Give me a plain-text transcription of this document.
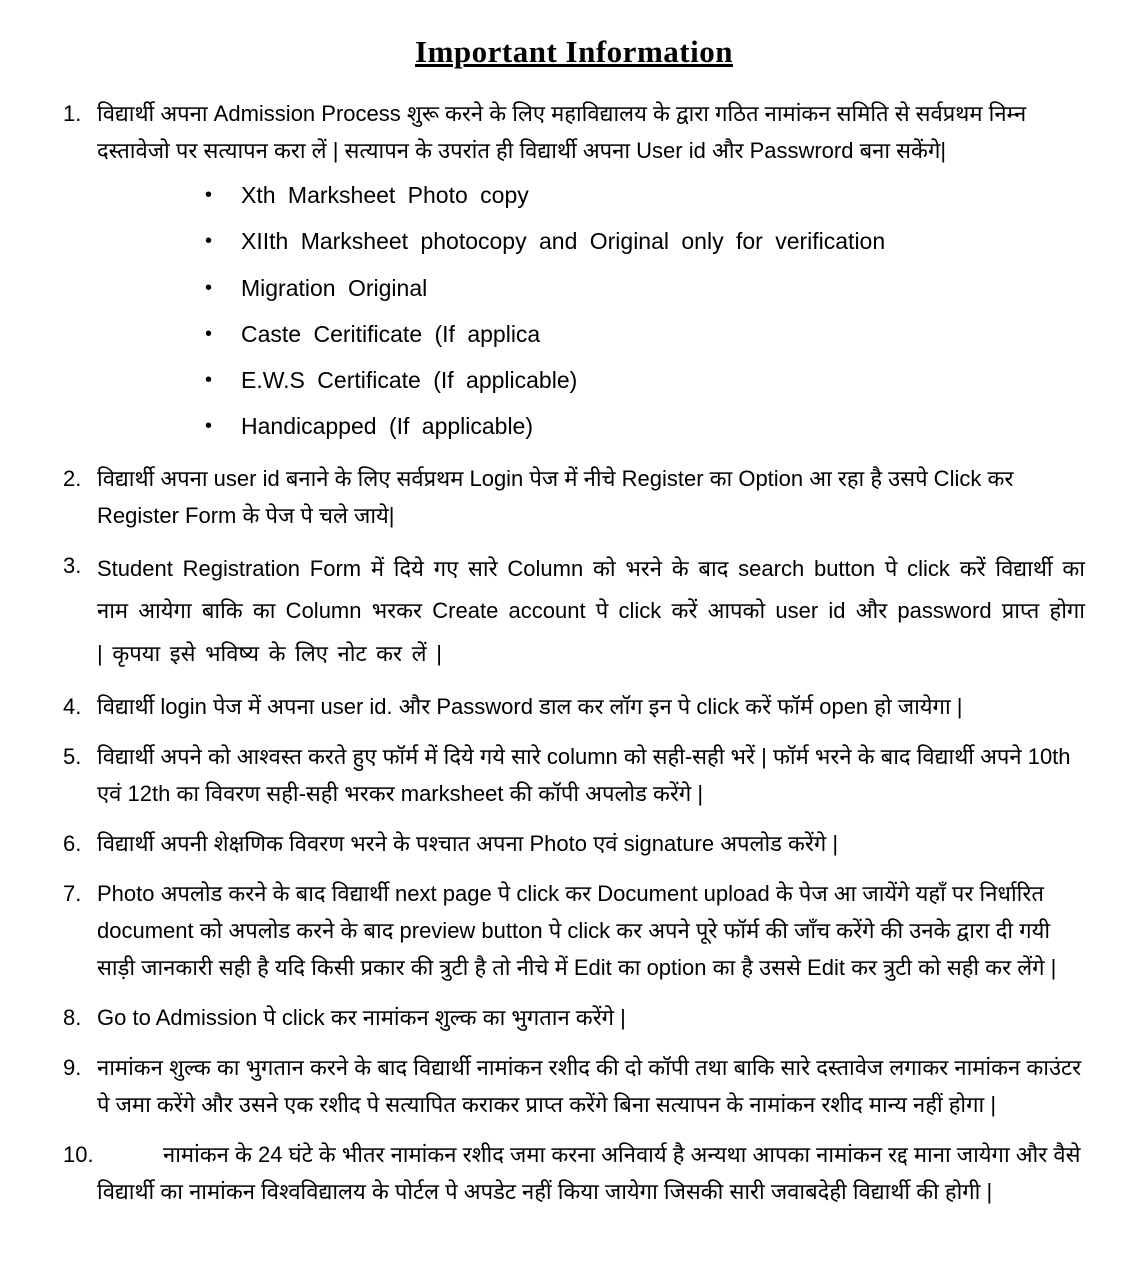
Important Information
1. विद्यार्थी अपना Admission Process शुरू करने के लिए महाविद्यालय के द्वारा गठित नामांकन समिति से सर्वप्रथम निम्न दस्तावेजो पर सत्यापन करा लें | सत्यापन के उपरांत ही विद्यार्थी अपना User id और Passwrord बना सकेंगे|
•	Xth Marksheet Photo copy
•	XIIth Marksheet photocopy and Original only for verification
•	Migration Original
•	Caste Ceritificate (If applica
•	E.W.S Certificate (If applicable)
•	Handicapped (If applicable)
2. विद्यार्थी अपना user id बनाने के लिए सर्वप्रथम Login पेज में नीचे Register का Option आ रहा है उसपे Click कर Register Form के पेज पे चले जाये|
3. Student Registration Form में दिये गए सारे Column को भरने के बाद search button पे click करें विद्यार्थी का नाम आयेगा बाकि का Column भरकर Create account पे click करें आपको user id और password प्राप्त होगा | कृपया इसे भविष्य के लिए नोट कर लें |
4. विद्यार्थी login पेज में अपना user id. और Password डाल कर लॉग इन पे click करें फॉर्म open हो जायेगा |
5. विद्यार्थी अपने को आश्वस्त करते हुए फॉर्म में दिये गये सारे column को सही-सही भरें | फॉर्म भरने के बाद विद्यार्थी अपने 10th एवं 12th का विवरण सही-सही भरकर marksheet की कॉपी अपलोड करेंगे |
6. विद्यार्थी अपनी शेक्षणिक विवरण भरने के पश्चात अपना Photo एवं signature अपलोड करेंगे |
7. Photo अपलोड करने के बाद विद्यार्थी next page पे click कर Document upload के पेज आ जायेंगे यहाँ पर निर्धारित document को अपलोड करने के बाद preview button पे click कर अपने पूरे फॉर्म की जाँच करेंगे की उनके द्वारा दी गयी साड़ी जानकारी सही है यदि किसी प्रकार की त्रुटी है तो नीचे में Edit का option का है उससे Edit कर त्रुटी को सही कर लेंगे |
8. Go to Admission पे click कर नामांकन शुल्क का भुगतान करेंगे |
9. नामांकन शुल्क का भुगतान करने के बाद विद्यार्थी नामांकन रशीद की दो कॉपी तथा बाकि सारे दस्तावेज लगाकर नामांकन काउंटर पे जमा करेंगे और उसने एक रशीद पे सत्यापित कराकर प्राप्त करेंगे बिना सत्यापन के नामांकन रशीद मान्य नहीं होगा |
10.	नामांकन के 24 घंटे के भीतर नामांकन रशीद जमा करना अनिवार्य है अन्यथा आपका नामांकन रद्द माना जायेगा और वैसे विद्यार्थी का नामांकन विश्वविद्यालय के पोर्टल पे अपडेट नहीं किया जायेगा जिसकी सारी जवाबदेही विद्यार्थी की होगी |
